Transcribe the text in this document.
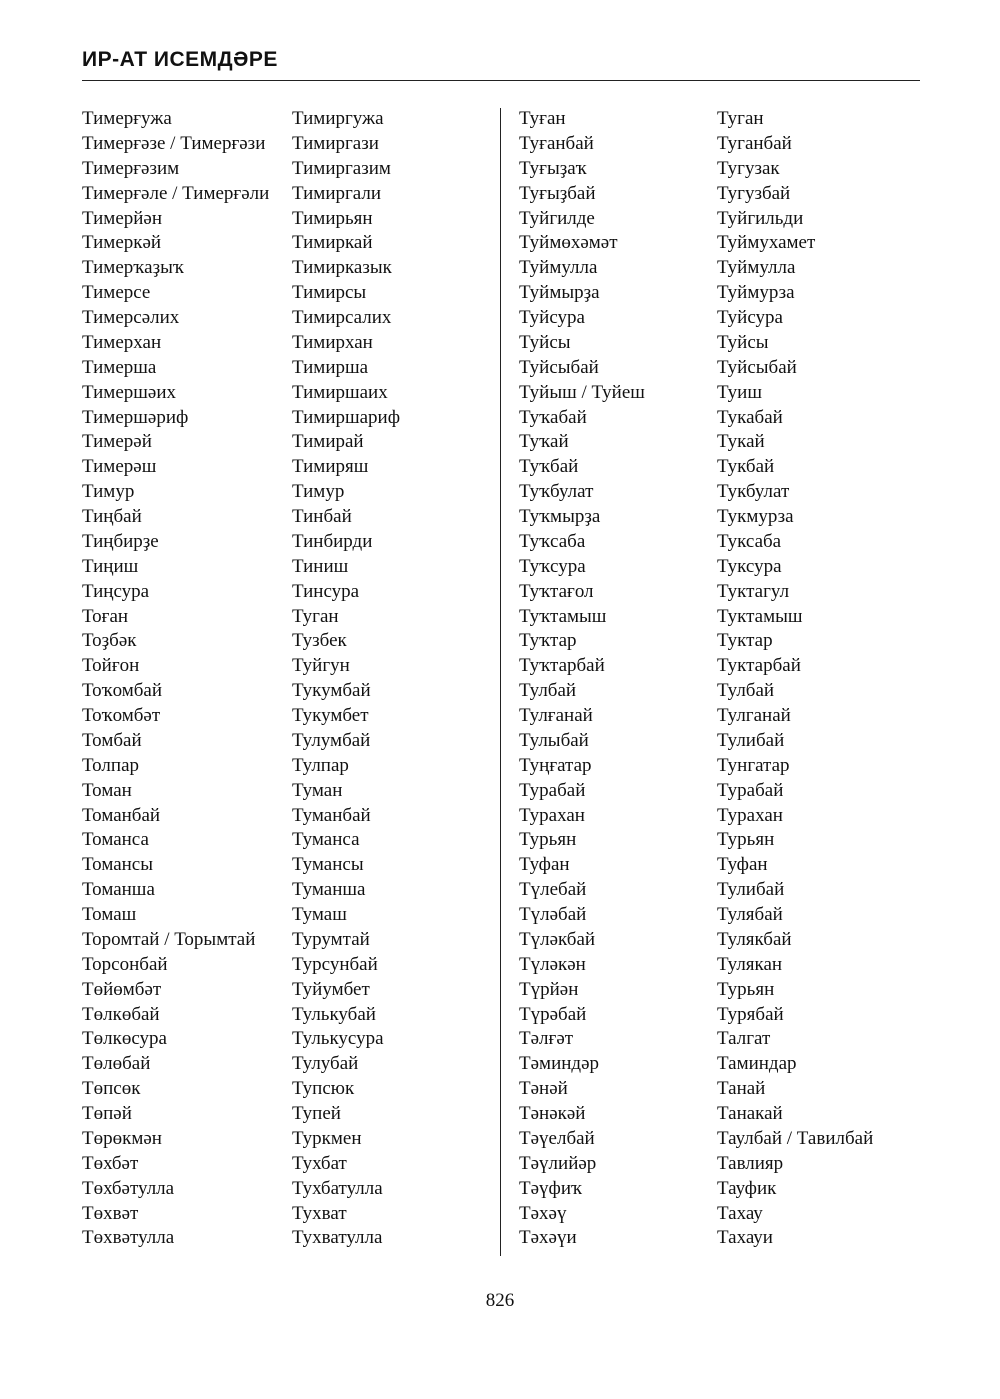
ИР-АТ ИСЕМДӘРЕ
Тимерғужа
Тимерғәзе / Тимерғәзи
Тимерғәзим
Тимерғәле / Тимерғәли
Тимерйән
Тимеркәй
Тимерҡаҙыҡ
Тимерсе
Тимерсәлих
Тимерхан
Тимерша
Тимершәих
Тимершәриф
Тимерәй
Тимерәш
Тимур
Тиңбай
Тиңбирҙе
Тиңиш
Тиңсура
Тоған
Тоҙбәк
Тойғон
Тоҡомбай
Тоҡомбәт
Томбай
Толпар
Томан
Томанбай
Томанса
Томансы
Томанша
Томаш
Торомтай / Торымтай
Торсонбай
Төйөмбәт
Төлкөбай
Төлкөсура
Төлөбай
Төпсөк
Төпәй
Төрөкмән
Төхбәт
Төхбәтулла
Төхвәт
Төхвәтулла
Тимиргужа
Тимиргази
Тимиргазим
Тимиргали
Тимирьян
Тимиркай
Тимирказык
Тимирсы
Тимирсалих
Тимирхан
Тимирша
Тимиршаих
Тимиршариф
Тимирай
Тимиряш
Тимур
Тинбай
Тинбирди
Тиниш
Тинсура
Туган
Тузбек
Туйгун
Тукумбай
Тукумбет
Тулумбай
Тулпар
Туман
Туманбай
Туманса
Тумансы
Туманша
Тумаш
Турумтай
Турсунбай
Туйумбет
Тулькубай
Тулькусура
Тулубай
Тупсюк
Тупей
Туркмен
Тухбат
Тухбатулла
Тухват
Тухватулла
Туған
Туғанбай
Туғыҙаҡ
Туғыҙбай
Туйгилде
Туймөхәмәт
Туймулла
Туймырҙа
Туйсура
Туйсы
Туйсыбай
Туйыш / Туйеш
Туҡабай
Туҡай
Туҡбай
Туҡбулат
Туҡмырҙа
Туҡсаба
Туҡсура
Туҡтағол
Туҡтамыш
Туҡтар
Туҡтарбай
Тулбай
Тулғанай
Тулыбай
Туңғатар
Турабай
Турахан
Турьян
Туфан
Түлебай
Түләбай
Түләкбай
Түләкән
Түрйән
Түрәбай
Тәлғәт
Тәминдәр
Тәнәй
Тәнәкәй
Тәүелбай
Тәүлийәр
Тәүфиҡ
Тәхәү
Тәхәүи
Туган
Туганбай
Тугузак
Тугузбай
Туйгильди
Туймухамет
Туймулла
Туймурза
Туйсура
Туйсы
Туйсыбай
Туиш
Тукабай
Тукай
Тукбай
Тукбулат
Тукмурза
Туксаба
Туксура
Туктагул
Туктамыш
Туктар
Туктарбай
Тулбай
Тулганай
Тулибай
Тунгатар
Турабай
Турахан
Турьян
Туфан
Тулибай
Тулябай
Тулякбай
Тулякан
Турьян
Турябай
Талгат
Таминдар
Танай
Танакай
Таулбай / Тавилбай
Тавлияр
Тауфик
Тахау
Тахауи
826
